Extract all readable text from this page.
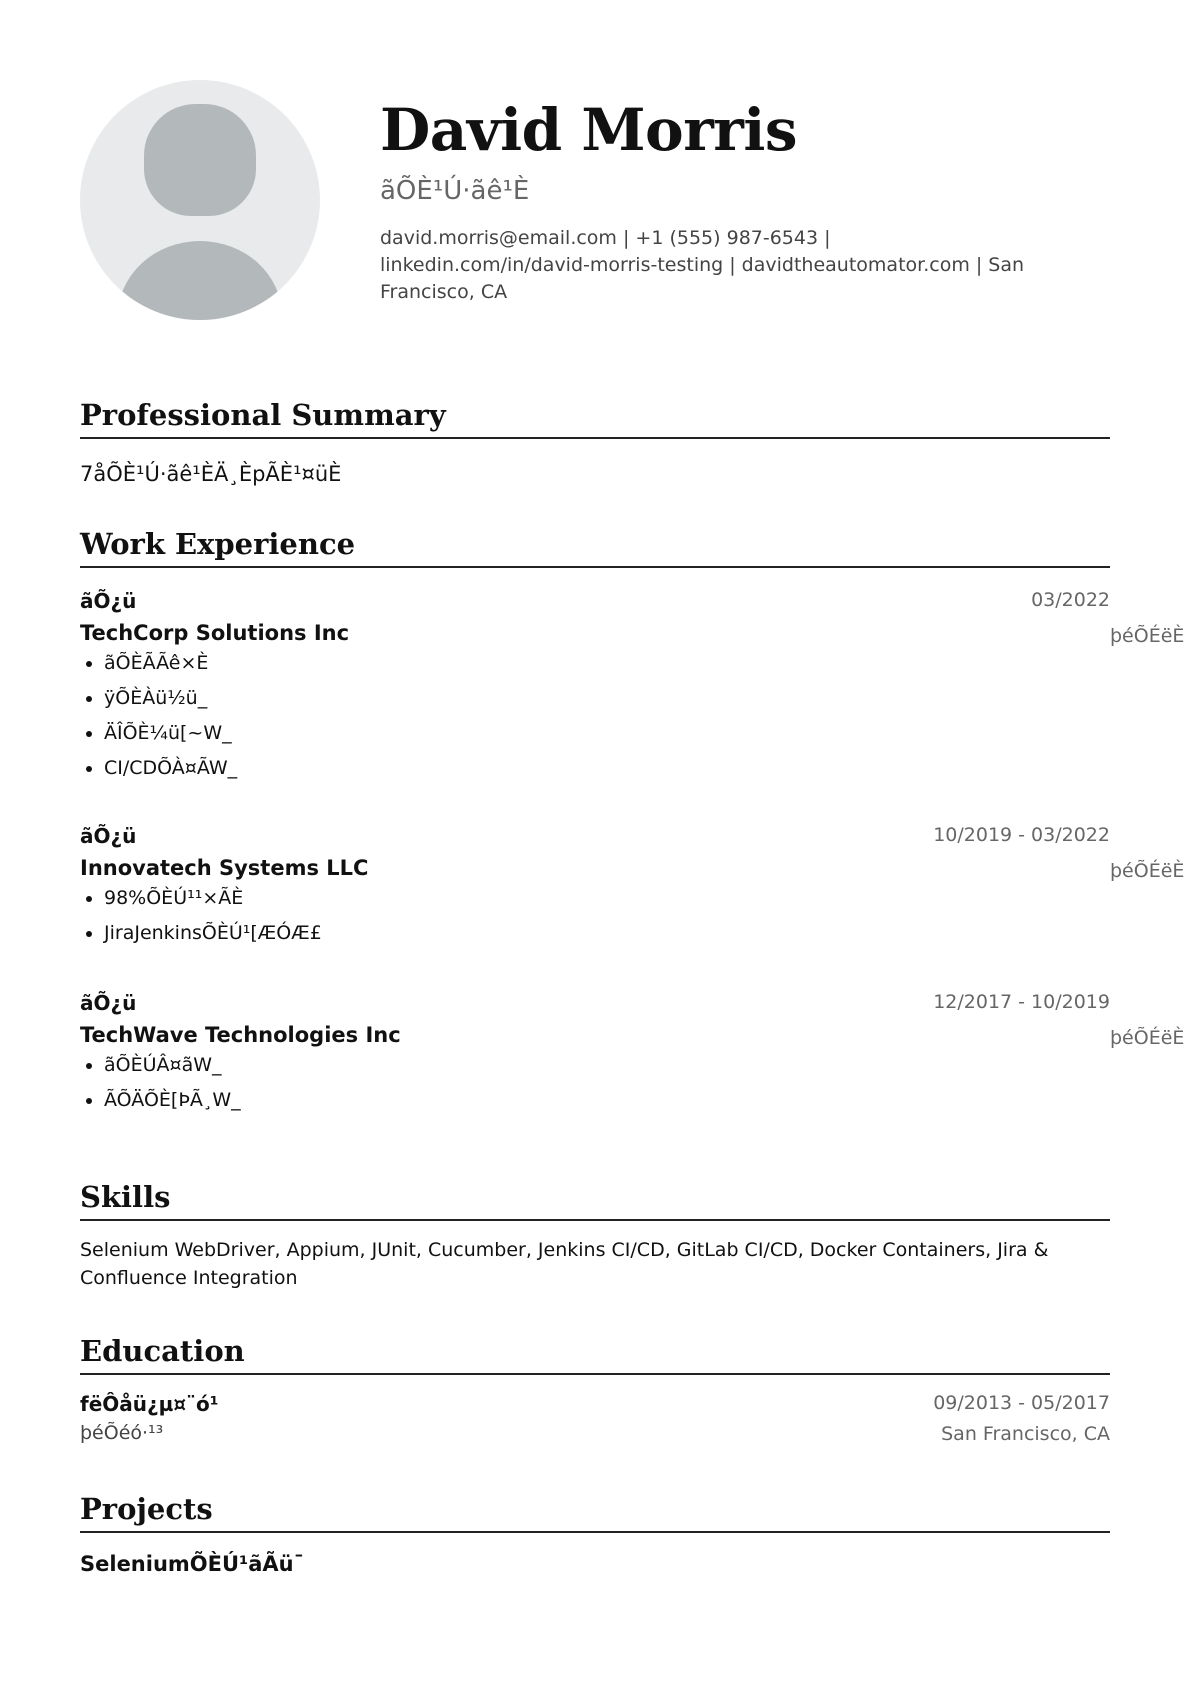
David Morris
ãÕÈ¹Ú·ãê¹È
david.morris@email.com | +1 (555) 987-6543 | linkedin.com/in/david-morris-testing | davidtheautomator.com | San Francisco, CA
Professional Summary
7åÕÈ¹Ú·ãê¹ÈÄ¸ÈpÃÈ¹¤üÈ
Work Experience
ãÕ¿ü	03/2022
TechCorp Solutions Inc	þéÕÉëÈ
• ãÕÈÃÃê×È
• ÿÕÈÀü½ü_
• ÄÎÕÈ¼ü[~W_
• CI/CDÕÀ¤ÃW_
ãÕ¿ü	10/2019 - 03/2022
Innovatech Systems LLC	þéÕÉëÈ
• 98%ÕÈÚ¹¹×ÃÈ
• JiraJenkinsÕÈÚ¹[ÆÓÆ£
ãÕ¿ü	12/2017 - 10/2019
TechWave Technologies Inc	þéÕÉëÈ
• ãÕÈÚÂ¤ãW_
• ÃÕÄÕÈ[ÞÃ¸W_
Skills
Selenium WebDriver, Appium, JUnit, Cucumber, Jenkins CI/CD, GitLab CI/CD, Docker Containers, Jira & Confluence Integration
Education
fëÔåü¿µ¤¨ó¹	09/2013 - 05/2017
þéÕéó·¹³	San Francisco, CA
Projects
SeleniumÕÈÚ¹ãÃü¯
